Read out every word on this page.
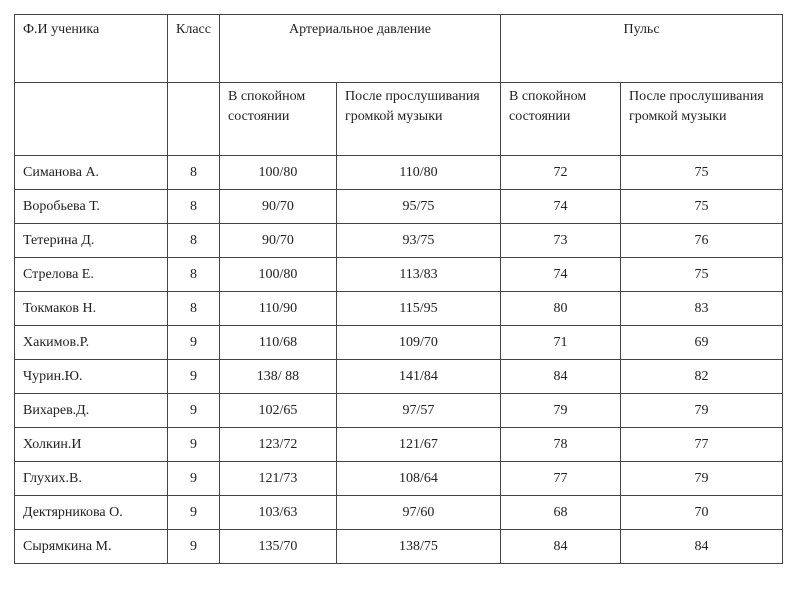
Ф.И ученика	Класс	Артериальное давление		Пульс	

		В спокойном состоянии	После прослушивания громкой музыки	В спокойном состоянии	После прослушивания громкой музыки

Симанова А.	8	100/80	110/80	72	75
Воробьева Т.	8	90/70	95/75	74	75
Тетерина Д.	8	90/70	93/75	73	76
Стрелова Е.	8	100/80	113/83	74	75
Токмаков Н.	8	110/90	115/95	80	83
Хакимов.Р.	9	110/68	109/70	71	69
Чурин.Ю.	9	138/ 88	141/84	84	82
Вихарев.Д.	9	102/65	97/57	79	79
Холкин.И	9	123/72	121/67	78	77
Глухих.В.	9	121/73	108/64	77	79
Дектярникова О.	9	103/63	97/60	68	70
Сырямкина М.	9	135/70	138/75	84	84
